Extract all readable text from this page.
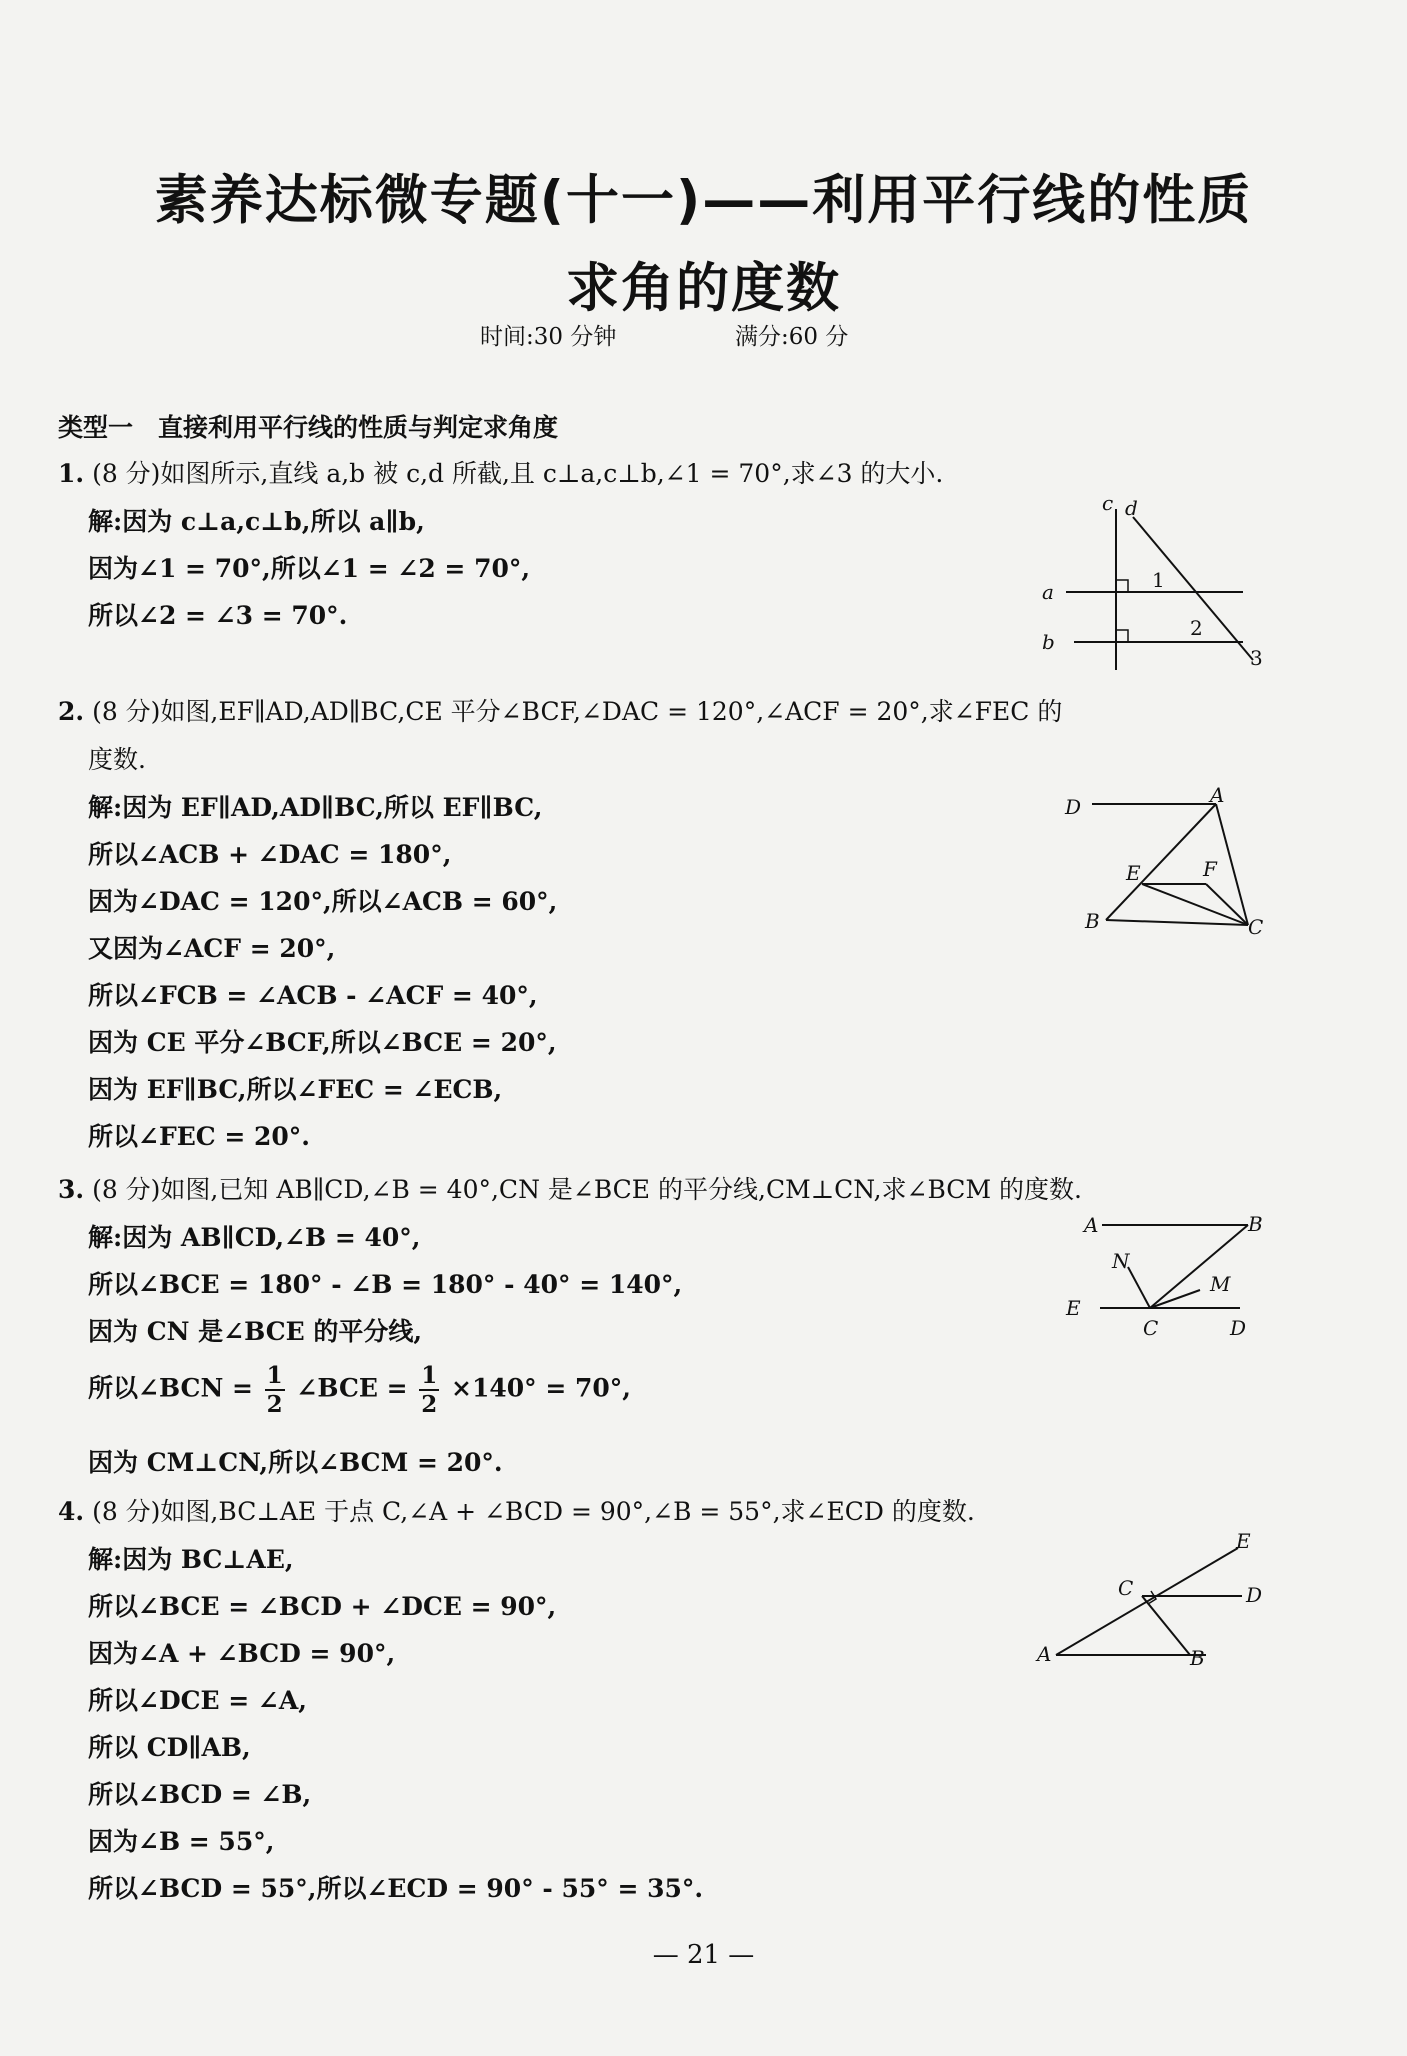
素养达标微专题(十一)——利用平行线的性质
求角的度数
时间:30 分钟	满分:60 分
类型一　直接利用平行线的性质与判定求角度
1. (8 分)如图所示,直线 a,b 被 c,d 所截,且 c⊥a,c⊥b,∠1 = 70°,求∠3 的大小.
解:因为 c⊥a,c⊥b,所以 a∥b,
因为∠1 = 70°,所以∠1 = ∠2 = 70°,
所以∠2 = ∠3 = 70°.
c d
a
b
1
2
3
2. (8 分)如图,EF∥AD,AD∥BC,CE 平分∠BCF,∠DAC = 120°,∠ACF = 20°,求∠FEC 的
度数.
解:因为 EF∥AD,AD∥BC,所以 EF∥BC,
所以∠ACB + ∠DAC = 180°,
因为∠DAC = 120°,所以∠ACB = 60°,
又因为∠ACF = 20°,
所以∠FCB = ∠ACB - ∠ACF = 40°,
因为 CE 平分∠BCF,所以∠BCE = 20°,
因为 EF∥BC,所以∠FEC = ∠ECB,
所以∠FEC = 20°.
D	A
E	F
B	C
3. (8 分)如图,已知 AB∥CD,∠B = 40°,CN 是∠BCE 的平分线,CM⊥CN,求∠BCM 的度数.
解:因为 AB∥CD,∠B = 40°,
所以∠BCE = 180° - ∠B = 180° - 40° = 140°,
因为 CN 是∠BCE 的平分线,
所以∠BCN = $\frac{1}{2}$ ∠BCE = $\frac{1}{2} \times 140^\circ = 70^\circ$,
因为 CM⊥CN,所以∠BCM = 20°.
A	B
N
M
E
C	D
4. (8 分)如图,BC⊥AE 于点 C,∠A + ∠BCD = 90°,∠B = 55°,求∠ECD 的度数.
解:因为 BC⊥AE,
所以∠BCE = ∠BCD + ∠DCE = 90°,
因为∠A + ∠BCD = 90°,
所以∠DCE = ∠A,
所以 CD∥AB,
所以∠BCD = ∠B,
因为∠B = 55°,
所以∠BCD = 55°,所以∠ECD = 90° - 55° = 35°.
E
C	D
A	B
— 21 —
